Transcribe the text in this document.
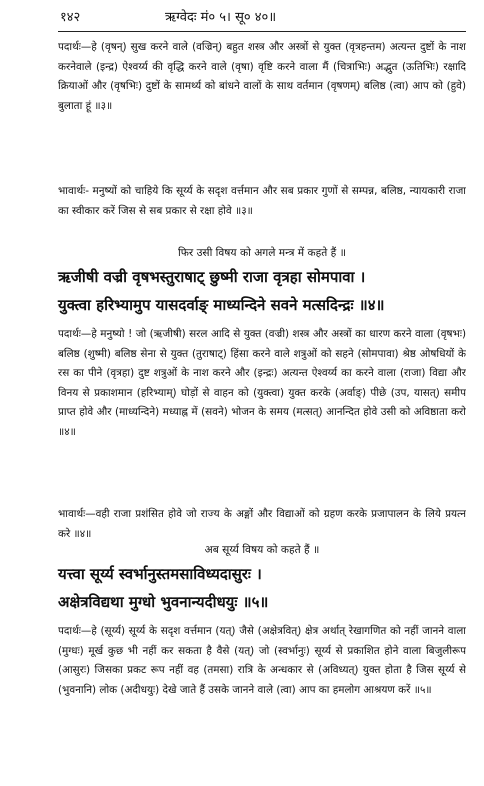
१४२	ऋग्वेदः मं० ५। सू० ४०॥
पदार्थः—हे (वृषन्) सुख करने वाले (वज्रिन्) बहुत शस्त्र और अस्त्रों से युक्त (वृत्रहन्तम) अत्यन्त दुष्टों के नाश करनेवाले (इन्द्र) ऐश्वर्य्य की वृद्धि करने वाले (वृषा) वृष्टि करने वाला मैं (चित्राभिः) अद्भुत (ऊतिभिः) रक्षादि क्रियाओं और (वृषभिः) दुष्टों के सामर्थ्य को बांधने वालों के साथ वर्तमान (वृषणम्) बलिष्ठ (त्वा) आप को (हुवे) बुलाता हूं ॥३॥
भावार्थः- मनुष्यों को चाहिये कि सूर्य्य के सदृश वर्त्तमान और सब प्रकार गुणों से सम्पन्न, बलिष्ठ, न्यायकारी राजा का स्वीकार करें जिस से सब प्रकार से रक्षा होवे ॥३॥
फिर उसी विषय को अगले मन्त्र में कहते हैं ॥
ऋजीषी वज्री वृषभस्तुराषाट् छुष्मी राजा वृत्रहा सोमपावा ।
युक्त्वा हरिभ्यामुप यासदर्वाङ् माध्यन्दिने सवने मत्सदिन्द्रः ॥४॥
पदार्थः—हे मनुष्यो ! जो (ऋजीषी) सरल आदि से युक्त (वज्री) शस्त्र और अस्त्रों का धारण करने वाला (वृषभः) बलिष्ठ (शुष्मी) बलिष्ठ सेना से युक्त (तुराषाट्) हिंसा करने वाले शत्रुओं को सहने (सोमपावा) श्रेष्ठ ओषधियों के रस का पीने (वृत्रहा) दुष्ट शत्रुओं के नाश करने और (इन्द्रः) अत्यन्त ऐश्वर्य्य का करने वाला (राजा) विद्या और विनय से प्रकाशमान (हरिभ्याम्) घोड़ों से वाहन को (युक्त्वा) युक्त करके (अर्वाङ्) पीछे (उप, यासत्) समीप प्राप्त होवे और (माध्यन्दिने) मध्याह्न में (सवने) भोजन के समय (मत्सत्) आनन्दित होवे उसी को अविष्ठाता करो ॥४॥
भावार्थः—वही राजा प्रशंसित होवे जो राज्य के अङ्गों और विद्याओं को ग्रहण करके प्रजापालन के लिये प्रयत्न करे ॥४॥
अब सूर्य्य विषय को कहते हैं ॥
यत्त्वा सूर्य्य स्वर्भानुस्तमसाविध्यदासुरः ।
अक्षेत्रविद्यथा मुग्धो भुवनान्यदीधयुः ॥५॥
पदार्थः—हे (सूर्य्य) सूर्य्य के सदृश वर्त्तमान (यत्) जैसे (अक्षेत्रवित्) क्षेत्र अर्थात् रेखागणित को नहीं जानने वाला (मुग्धः) मूर्ख कुछ भी नहीं कर सकता है वैसे (यत्) जो (स्वर्भानुः) सूर्य्य से प्रकाशित होने वाला बिजुलीरूप (आसुरः) जिसका प्रकट रूप नहीं वह (तमसा) रात्रि के अन्धकार से (अविध्यत्) युक्त होता है जिस सूर्य्य से (भुवनानि) लोक (अदीधयुः) देखे जाते हैं उसके जानने वाले (त्वा) आप का हमलोग आश्रयण करें ॥५॥
